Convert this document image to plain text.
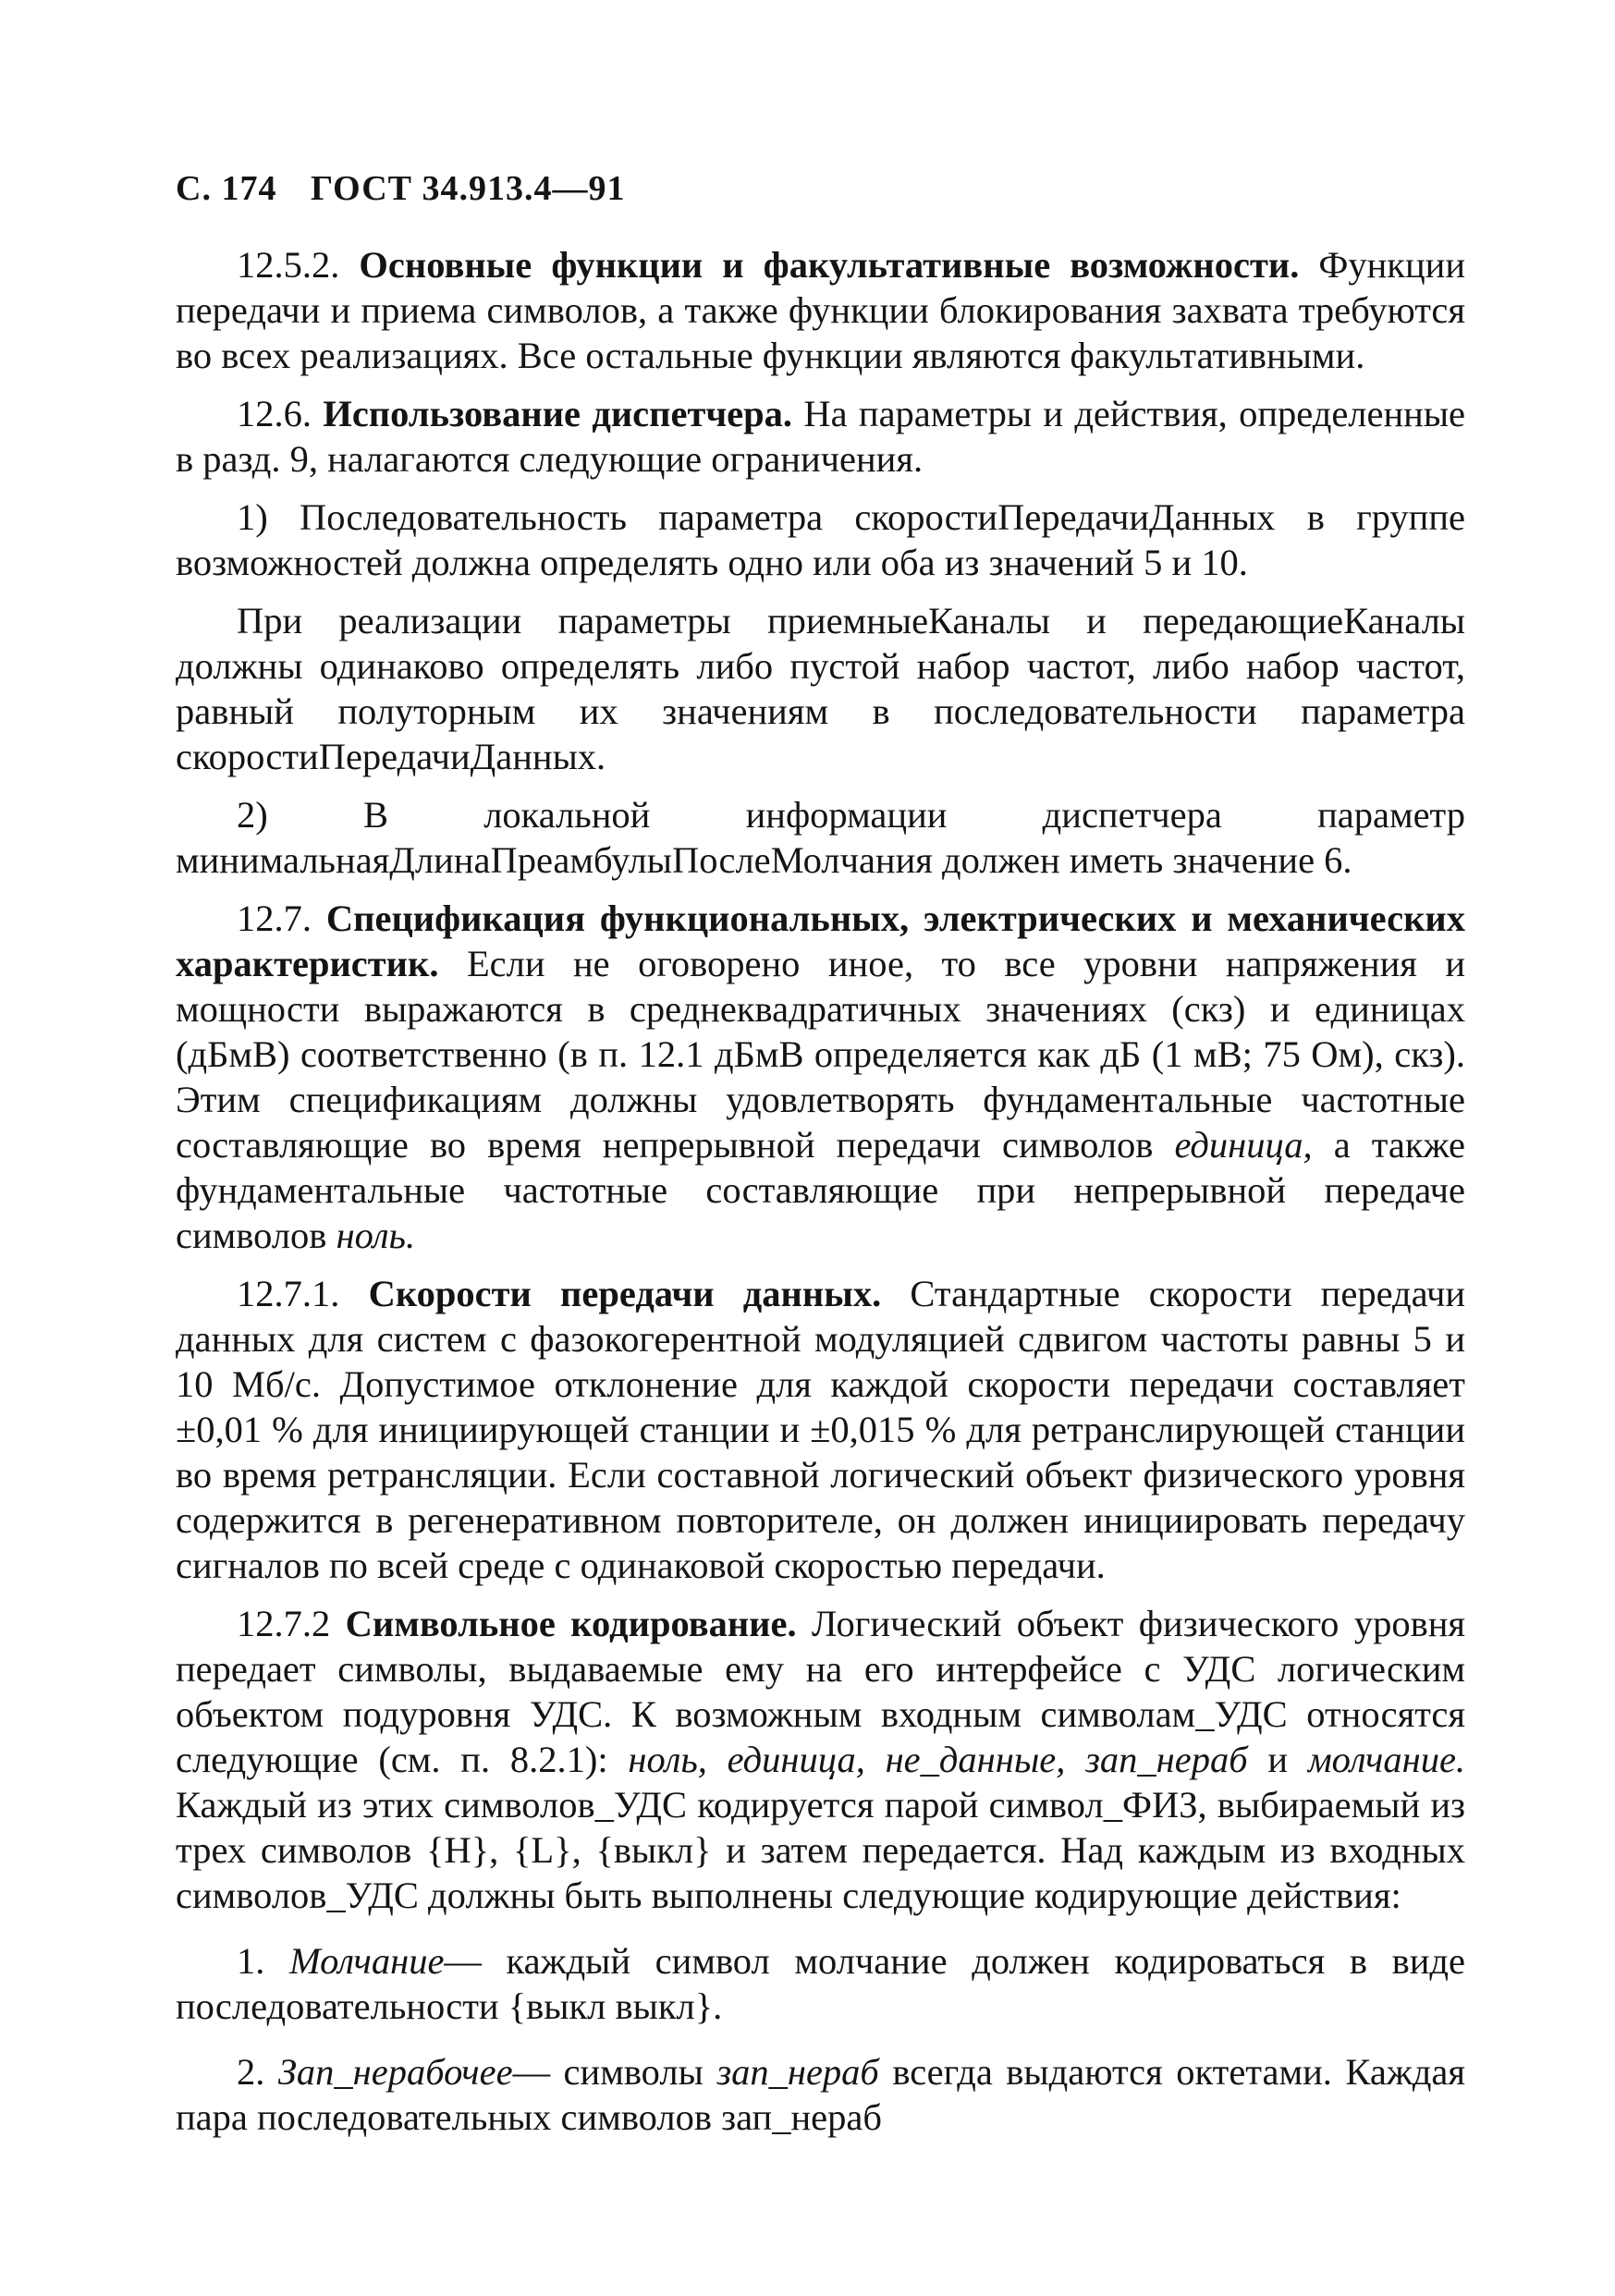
С. 174 ГОСТ 34.913.4—91

12.5.2. Основные функции и факультативные возможности. Функции передачи и приема символов, а также функции блокирования захвата требуются во всех реализациях. Все остальные функции являются факультативными.

12.6. Использование диспетчера. На параметры и действия, определенные в разд. 9, налагаются следующие ограничения.

1) Последовательность параметра скоростиПередачиДанных в группе возможностей должна определять одно или оба из значений 5 и 10.

При реализации параметры приемныеКаналы и передающиеКаналы должны одинаково определять либо пустой набор частот, либо набор частот, равный полуторным их значениям в последовательности параметра скоростиПередачиДанных.

2) В локальной информации диспетчера параметр минимальнаяДлинаПреамбулыПослеМолчания должен иметь значение 6.

12.7. Спецификация функциональных, электрических и механических характеристик. Если не оговорено иное, то все уровни напряжения и мощности выражаются в среднеквадратичных значениях (скз) и единицах (дБмВ) соответственно (в п. 12.1 дБмВ определяется как дБ (1 мВ; 75 Ом), скз). Этим спецификациям должны удовлетворять фундаментальные частотные составляющие во время непрерывной передачи символов единица, а также фундаментальные частотные составляющие при непрерывной передаче символов ноль.

12.7.1. Скорости передачи данных. Стандартные скорости передачи данных для систем с фазокогерентной модуляцией сдвигом частоты равны 5 и 10 Мб/с. Допустимое отклонение для каждой скорости передачи составляет ±0,01 % для инициирующей станции и ±0,015 % для ретранслирующей станции во время ретрансляции. Если составной логический объект физического уровня содержится в регенеративном повторителе, он должен инициировать передачу сигналов по всей среде с одинаковой скоростью передачи.

12.7.2 Символьное кодирование. Логический объект физического уровня передает символы, выдаваемые ему на его интерфейсе с УДС логическим объектом подуровня УДС. К возможным входным символам_УДС относятся следующие (см. п. 8.2.1): ноль, единица, не_данные, зап_нераб и молчание. Каждый из этих символов_УДС кодируется парой символ_ФИЗ, выбираемый из трех символов {H}, {L}, {выкл} и затем передается. Над каждым из входных символов_УДС должны быть выполнены следующие кодирующие действия:

1. Молчание— каждый символ молчание должен кодироваться в виде последовательности {выкл выкл}.

2. Зап_нерабочее— символы зап_нераб всегда выдаются октетами. Каждая пара последовательных символов зап_нераб
